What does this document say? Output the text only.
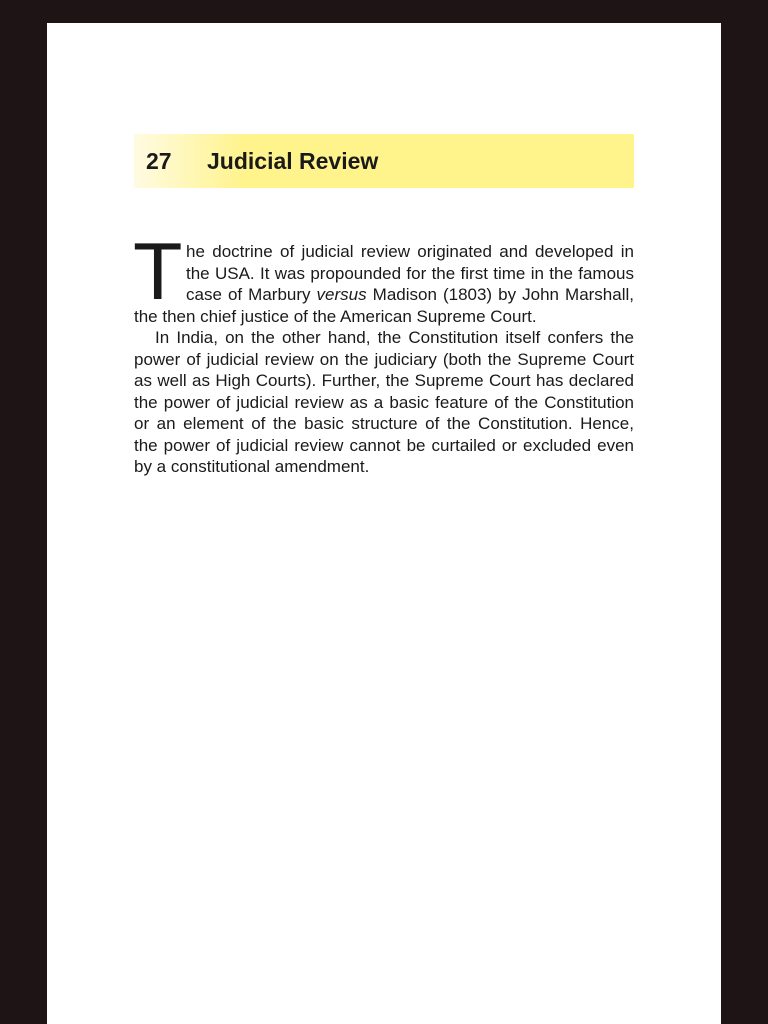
27	Judicial Review
T he doctrine of judicial review originated and developed in
the USA. It was propounded for the first time in the famous
case of Marbury versus Madison (1803) by John Marshall,
the then chief justice of the American Supreme Court.
In India, on the other hand, the Constitution itself confers the
power of judicial review on the judiciary (both the Supreme Court
as well as High Courts). Further, the Supreme Court has declared
the power of judicial review as a basic feature of the Constitution
or an element of the basic structure of the Constitution. Hence,
the power of judicial review cannot be curtailed or excluded even
by a constitutional amendment.
